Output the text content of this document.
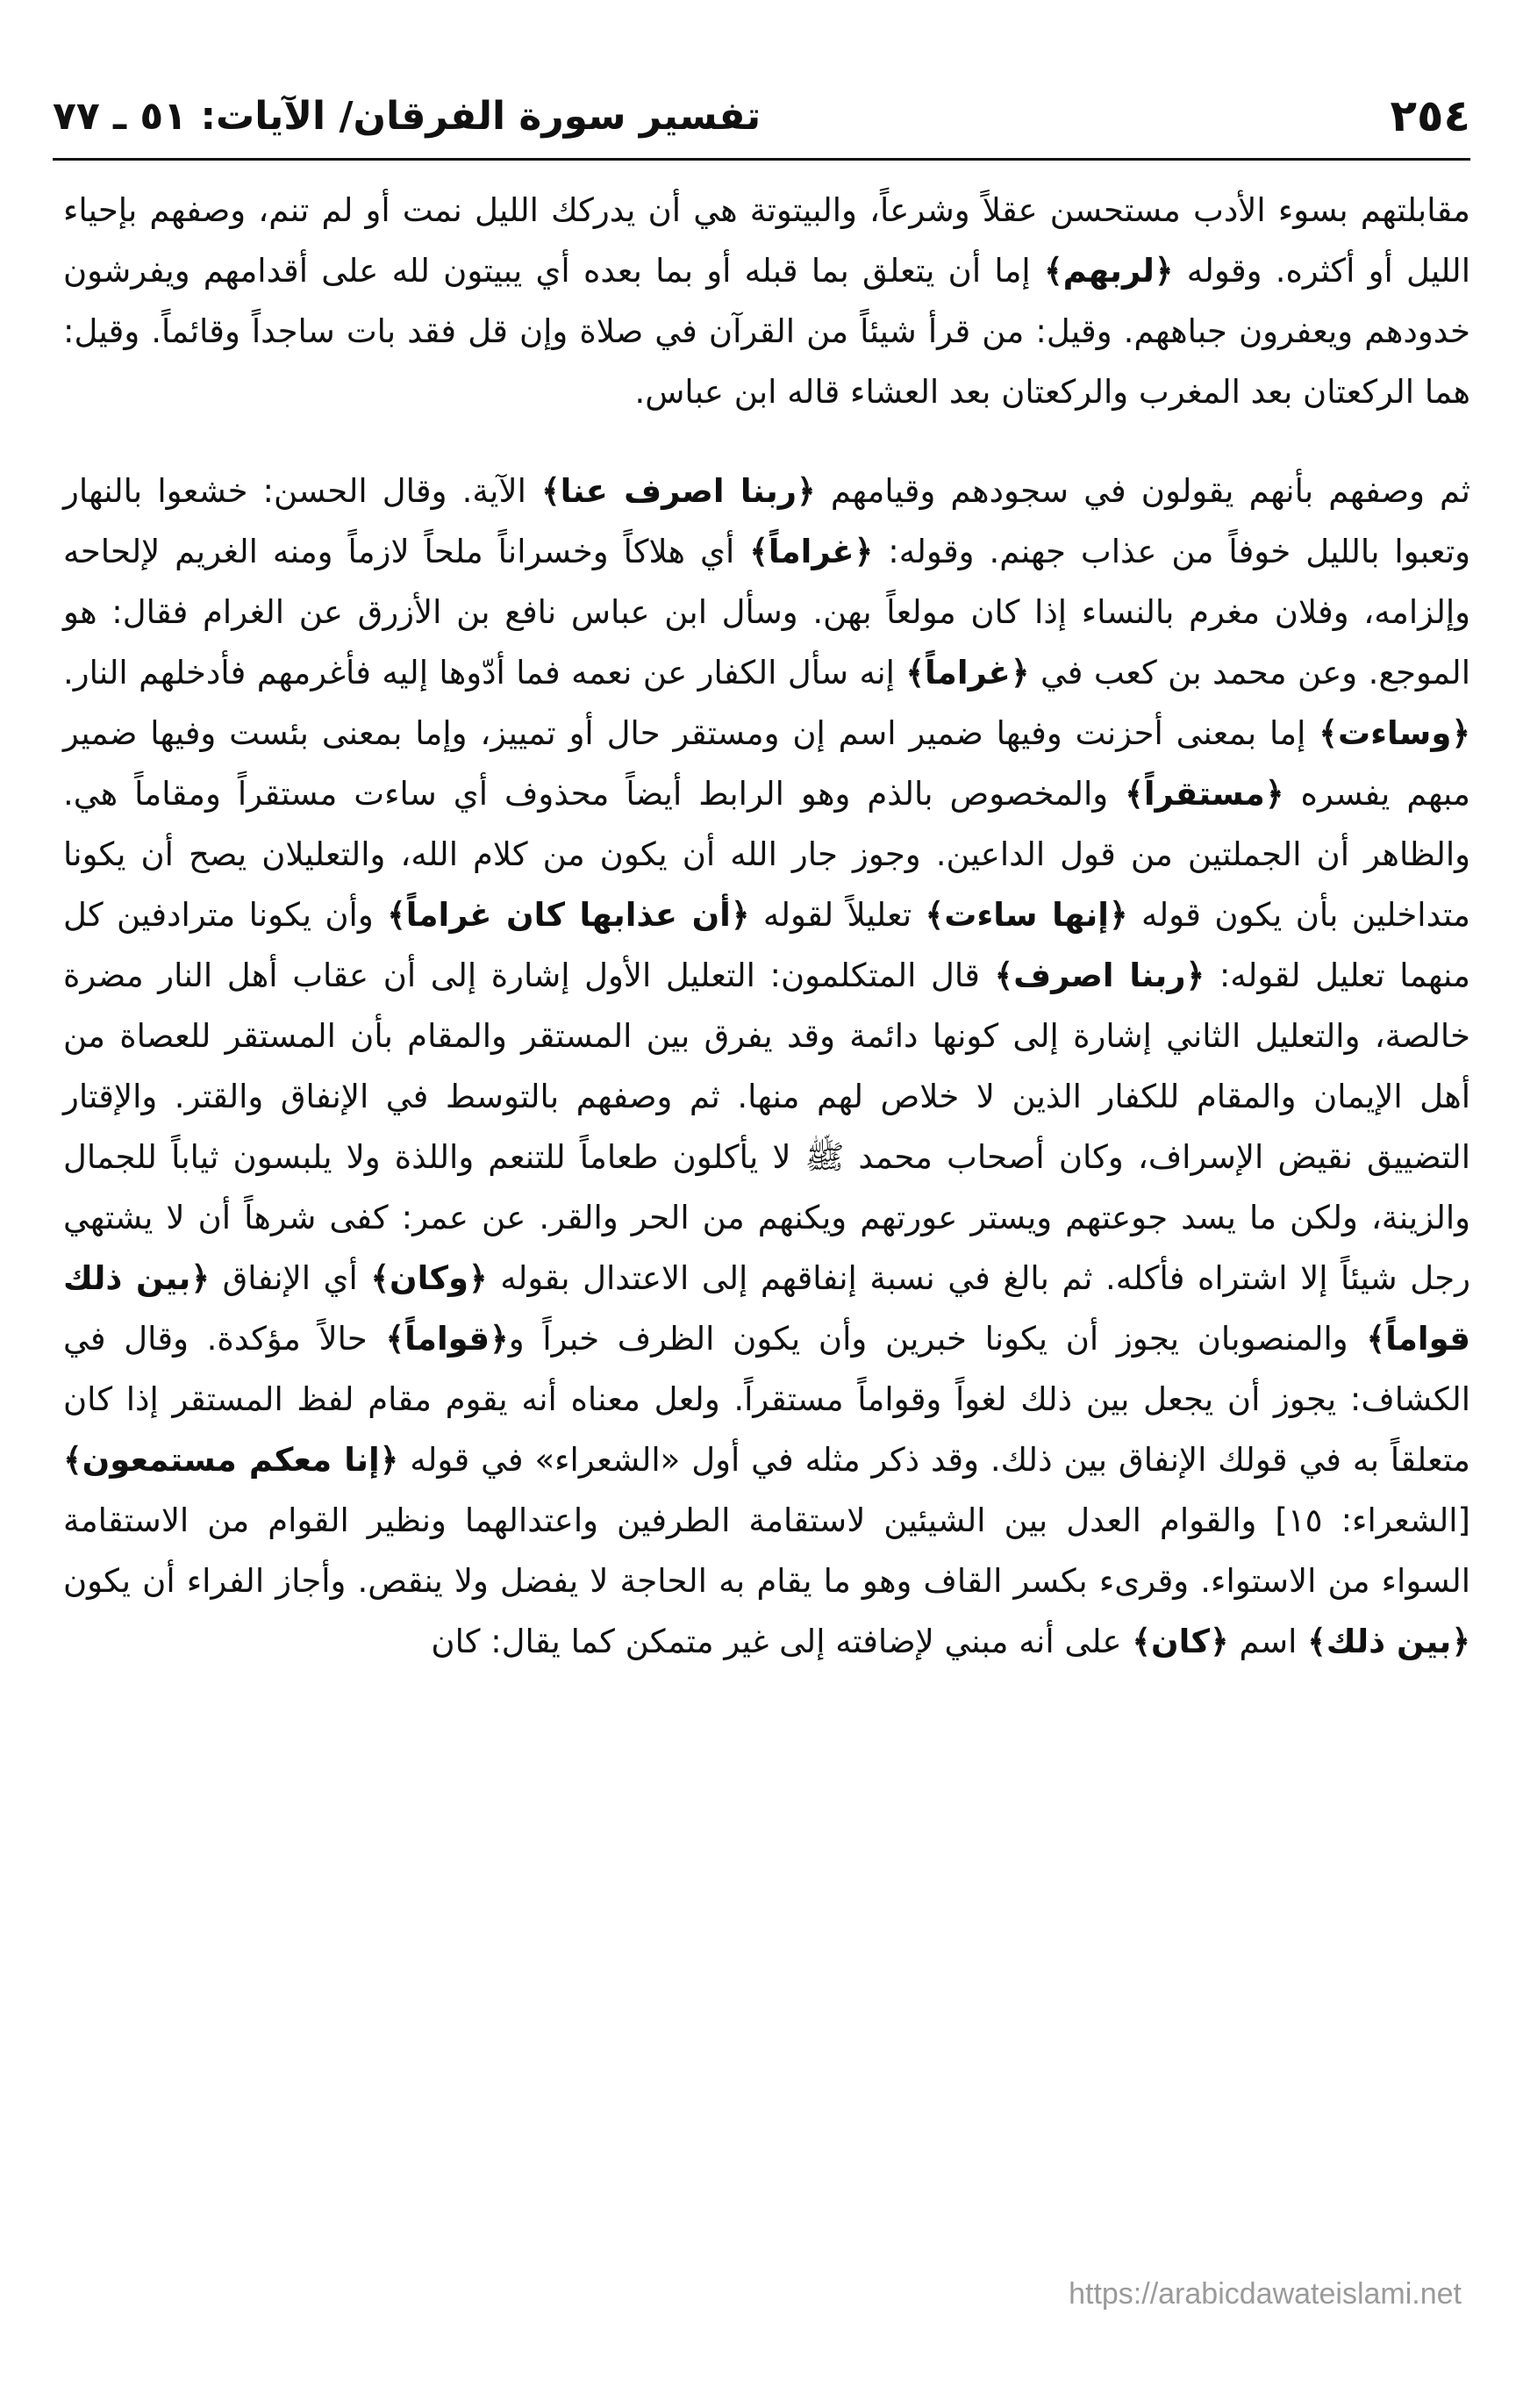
٢٥٤
تفسير سورة الفرقان/ الآيات: ٥١ ـ ٧٧

مقابلتهم بسوء الأدب مستحسن عقلاً وشرعاً، والبيتوتة هي أن يدركك الليل نمت أو لم تنم، وصفهم بإحياء الليل أو أكثره. وقوله ﴿لربهم﴾ إما أن يتعلق بما قبله أو بما بعده أي يبيتون لله على أقدامهم ويفرشون خدودهم ويعفرون جباههم. وقيل: من قرأ شيئاً من القرآن في صلاة وإن قل فقد بات ساجداً وقائماً. وقيل: هما الركعتان بعد المغرب والركعتان بعد العشاء قاله ابن عباس.

ثم وصفهم بأنهم يقولون في سجودهم وقيامهم ﴿ربنا اصرف عنا﴾ الآية. وقال الحسن: خشعوا بالنهار وتعبوا بالليل خوفاً من عذاب جهنم. وقوله: ﴿غراماً﴾ أي هلاكاً وخسراناً ملحاً لازماً ومنه الغريم لإلحاحه وإلزامه، وفلان مغرم بالنساء إذا كان مولعاً بهن. وسأل ابن عباس نافع بن الأزرق عن الغرام فقال: هو الموجع. وعن محمد بن كعب في ﴿غراماً﴾ إنه سأل الكفار عن نعمه فما أدّوها إليه فأغرمهم فأدخلهم النار. ﴿وساءت﴾ إما بمعنى أحزنت وفيها ضمير اسم إن ومستقر حال أو تمييز، وإما بمعنى بئست وفيها ضمير مبهم يفسره ﴿مستقراً﴾ والمخصوص بالذم وهو الرابط أيضاً محذوف أي ساءت مستقراً ومقاماً هي. والظاهر أن الجملتين من قول الداعين. وجوز جار الله أن يكون من كلام الله، والتعليلان يصح أن يكونا متداخلين بأن يكون قوله ﴿إنها ساءت﴾ تعليلاً لقوله ﴿أن عذابها كان غراماً﴾ وأن يكونا مترادفين كل منهما تعليل لقوله: ﴿ربنا اصرف﴾ قال المتكلمون: التعليل الأول إشارة إلى أن عقاب أهل النار مضرة خالصة، والتعليل الثاني إشارة إلى كونها دائمة وقد يفرق بين المستقر والمقام بأن المستقر للعصاة من أهل الإيمان والمقام للكفار الذين لا خلاص لهم منها. ثم وصفهم بالتوسط في الإنفاق والقتر. والإقتار التضييق نقيض الإسراف، وكان أصحاب محمد ﷺ لا يأكلون طعاماً للتنعم واللذة ولا يلبسون ثياباً للجمال والزينة، ولكن ما يسد جوعتهم ويستر عورتهم ويكنهم من الحر والقر. عن عمر: كفى شرهاً أن لا يشتهي رجل شيئاً إلا اشتراه فأكله. ثم بالغ في نسبة إنفاقهم إلى الاعتدال بقوله ﴿وكان﴾ أي الإنفاق ﴿بين ذلك قواماً﴾ والمنصوبان يجوز أن يكونا خبرين وأن يكون الظرف خبراً و﴿قواماً﴾ حالاً مؤكدة. وقال في الكشاف: يجوز أن يجعل بين ذلك لغواً وقواماً مستقراً. ولعل معناه أنه يقوم مقام لفظ المستقر إذا كان متعلقاً به في قولك الإنفاق بين ذلك. وقد ذكر مثله في أول «الشعراء» في قوله ﴿إنا معكم مستمعون﴾ [الشعراء: ١٥] والقوام العدل بين الشيئين لاستقامة الطرفين واعتدالهما ونظير القوام من الاستقامة السواء من الاستواء. وقرىء بكسر القاف وهو ما يقام به الحاجة لا يفضل ولا ينقص. وأجاز الفراء أن يكون ﴿بين ذلك﴾ اسم ﴿كان﴾ على أنه مبني لإضافته إلى غير متمكن كما يقال: كان

https://arabicdawateislami.net
